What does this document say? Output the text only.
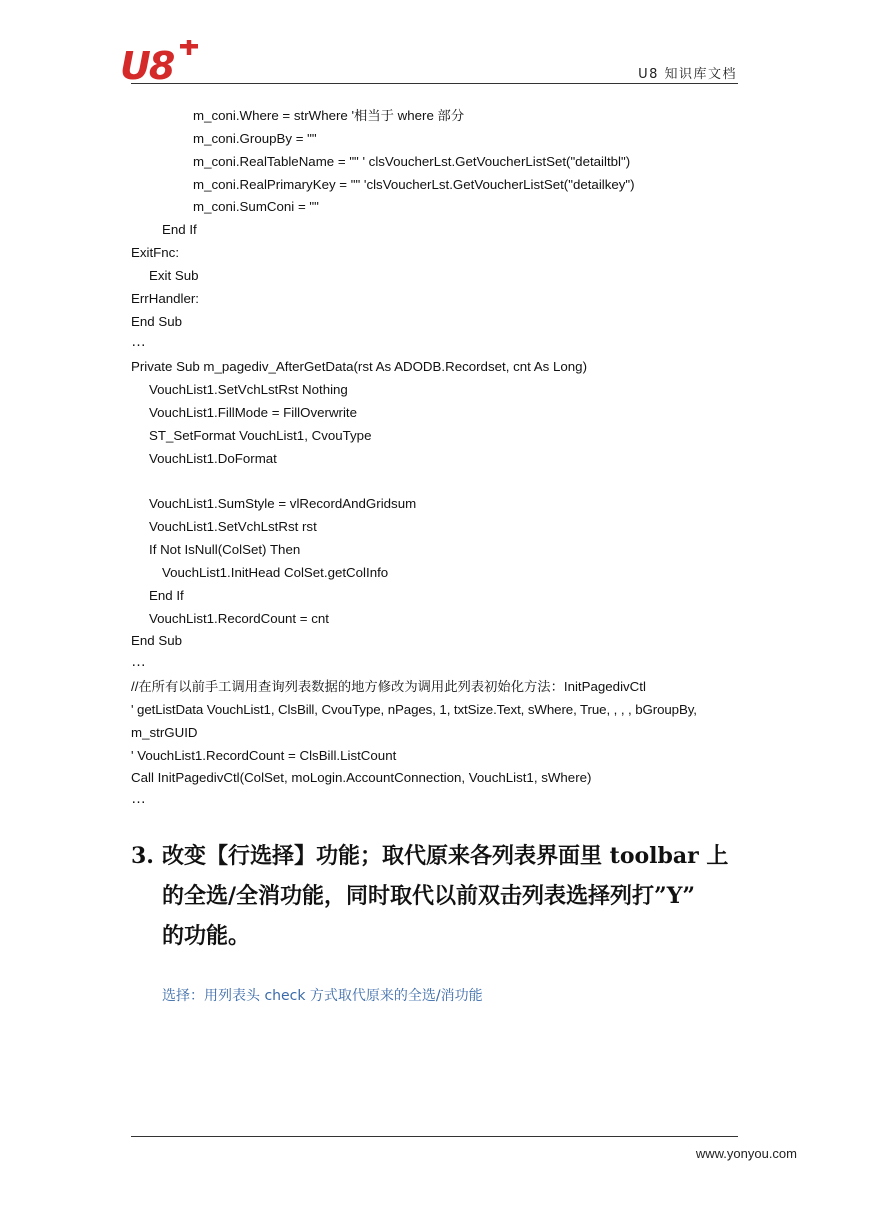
U8	U8 知识库文档
m_coni.Where = strWhere '相当于 where 部分
m_coni.GroupBy = ""
m_coni.RealTableName = "" ' clsVoucherLst.GetVoucherListSet("detailtbl")
m_coni.RealPrimaryKey = "" 'clsVoucherLst.GetVoucherListSet("detailkey")
m_coni.SumConi = ""
End If
ExitFnc:
Exit Sub
ErrHandler:
End Sub
…
Private Sub m_pagediv_AfterGetData(rst As ADODB.Recordset, cnt As Long)
VouchList1.SetVchLstRst Nothing
VouchList1.FillMode = FillOverwrite
ST_SetFormat VouchList1, CvouType
VouchList1.DoFormat
VouchList1.SumStyle = vlRecordAndGridsum
VouchList1.SetVchLstRst rst
If Not IsNull(ColSet) Then
VouchList1.InitHead ColSet.getColInfo
End If
VouchList1.RecordCount = cnt
End Sub
…
//在所有以前手工调用查询列表数据的地方修改为调用此列表初始化方法：InitPagedivCtl
' getListData VouchList1, ClsBill, CvouType, nPages, 1, txtSize.Text, sWhere, True, , , , bGroupBy,
m_strGUID
' VouchList1.RecordCount = ClsBill.ListCount
Call InitPagedivCtl(ColSet, moLogin.AccountConnection, VouchList1, sWhere)
…
3. 改变【行选择】功能；取代原来各列表界面里 toolbar 上
的全选/全消功能，同时取代以前双击列表选择列打”Y”
的功能。
选择：用列表头 check 方式取代原来的全选/消功能
www.yonyou.com
